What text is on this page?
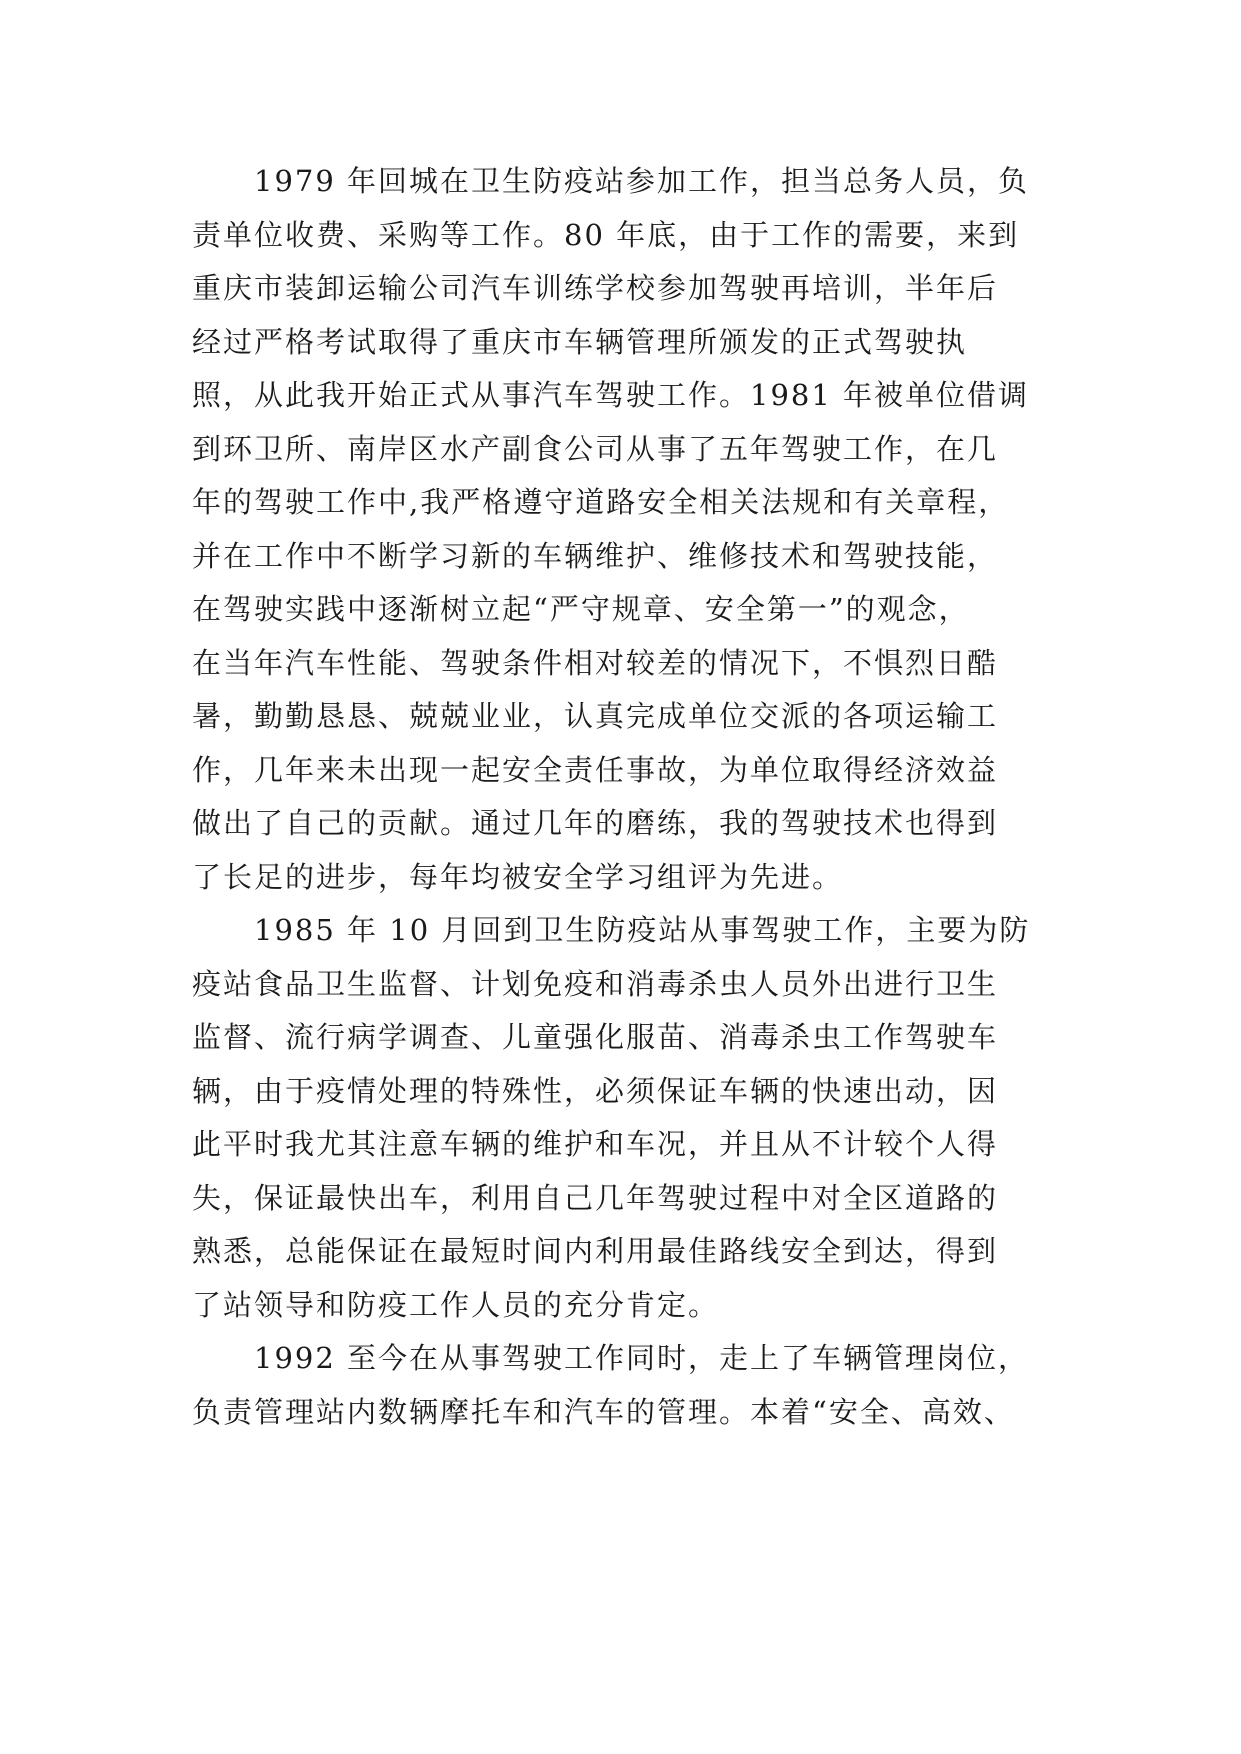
1979 年回城在卫生防疫站参加工作，担当总务人员，负
责单位收费、采购等工作。80 年底，由于工作的需要，来到
重庆市装卸运输公司汽车训练学校参加驾驶再培训，半年后
经过严格考试取得了重庆市车辆管理所颁发的正式驾驶执
照，从此我开始正式从事汽车驾驶工作。1981 年被单位借调
到环卫所、南岸区水产副食公司从事了五年驾驶工作，在几
年的驾驶工作中,我严格遵守道路安全相关法规和有关章程，
并在工作中不断学习新的车辆维护、维修技术和驾驶技能，
在驾驶实践中逐渐树立起“严守规章、安全第一”的观念，
在当年汽车性能、驾驶条件相对较差的情况下，不惧烈日酷
暑，勤勤恳恳、兢兢业业，认真完成单位交派的各项运输工
作，几年来未出现一起安全责任事故，为单位取得经济效益
做出了自己的贡献。通过几年的磨练，我的驾驶技术也得到
了长足的进步，每年均被安全学习组评为先进。

1985 年 10 月回到卫生防疫站从事驾驶工作，主要为防
疫站食品卫生监督、计划免疫和消毒杀虫人员外出进行卫生
监督、流行病学调查、儿童强化服苗、消毒杀虫工作驾驶车
辆，由于疫情处理的特殊性，必须保证车辆的快速出动，因
此平时我尤其注意车辆的维护和车况，并且从不计较个人得
失，保证最快出车，利用自己几年驾驶过程中对全区道路的
熟悉，总能保证在最短时间内利用最佳路线安全到达，得到
了站领导和防疫工作人员的充分肯定。

1992 至今在从事驾驶工作同时，走上了车辆管理岗位，
负责管理站内数辆摩托车和汽车的管理。本着“安全、高效、
